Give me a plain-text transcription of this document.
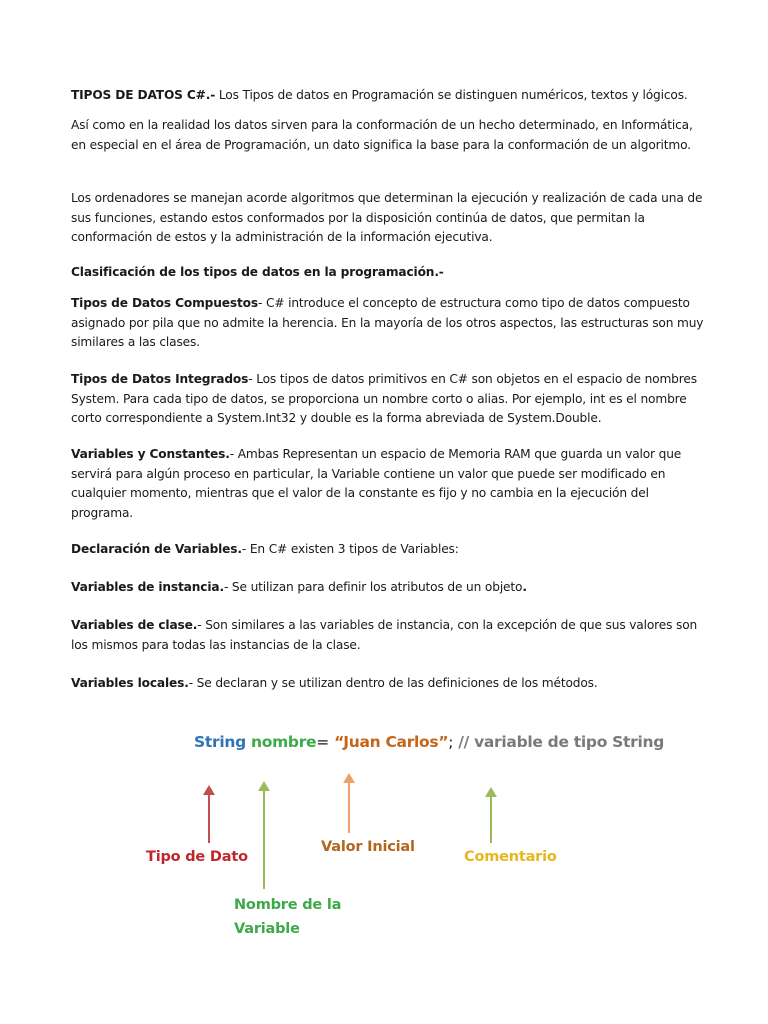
TIPOS DE DATOS C#.- Los Tipos de datos en Programación se distinguen numéricos, textos y lógicos.

Así como en la realidad los datos sirven para la conformación de un hecho determinado, en Informática, en especial en el área de Programación, un dato significa la base para la conformación de un algoritmo.

Los ordenadores se manejan acorde algoritmos que determinan la ejecución y realización de cada una de sus funciones, estando estos conformados por la disposición continúa de datos, que permitan la conformación de estos y la administración de la información ejecutiva.

Clasificación de los tipos de datos en la programación.-

Tipos de Datos Compuestos- C# introduce el concepto de estructura como tipo de datos compuesto asignado por pila que no admite la herencia. En la mayoría de los otros aspectos, las estructuras son muy similares a las clases.

Tipos de Datos Integrados- Los tipos de datos primitivos en C# son objetos en el espacio de nombres System. Para cada tipo de datos, se proporciona un nombre corto o alias. Por ejemplo, int es el nombre corto correspondiente a System.Int32 y double es la forma abreviada de System.Double.

Variables y Constantes.- Ambas Representan un espacio de Memoria RAM que guarda un valor que servirá para algún proceso en particular, la Variable contiene un valor que puede ser modificado en cualquier momento, mientras que el valor de la constante es fijo y no cambia en la ejecución del programa.

Declaración de Variables.- En C# existen 3 tipos de Variables:

Variables de instancia.- Se utilizan para definir los atributos de un objeto.

Variables de clase.- Son similares a las variables de instancia, con la excepción de que sus valores son los mismos para todas las instancias de la clase.

Variables locales.- Se declaran y se utilizan dentro de las definiciones de los métodos.

String nombre= “Juan Carlos”; // variable de tipo String
Tipo de Dato
Valor Inicial
Comentario
Nombre de la
Variable
